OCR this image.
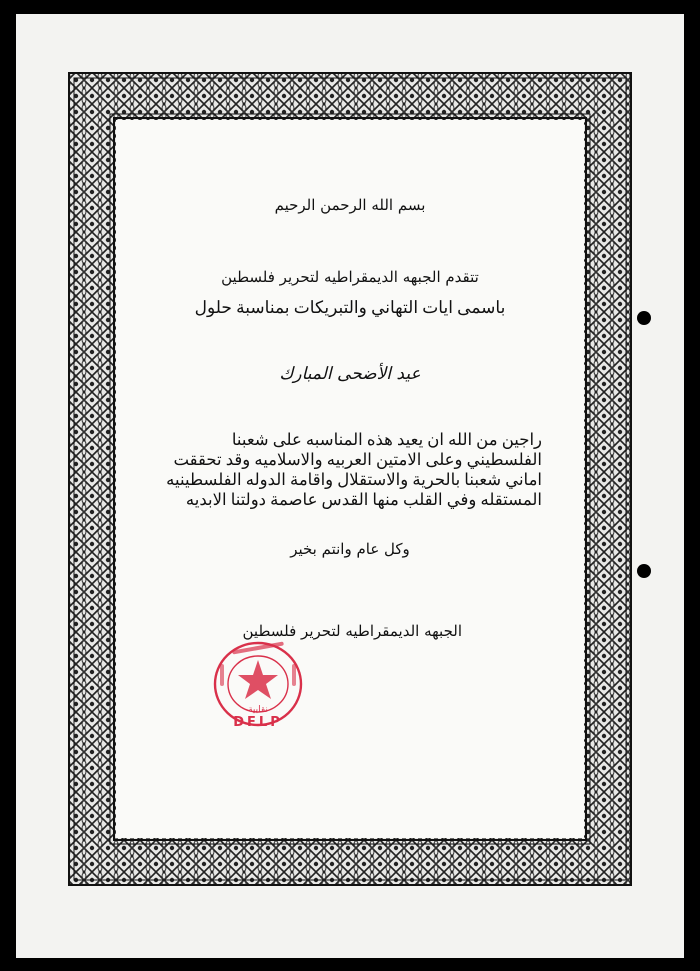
بسم الله الرحمن الرحيم
تتقدم الجبهه الديمقراطيه لتحرير فلسطين
باسمى ايات التهاني والتبريكات بمناسبة حلول
عيد الأضحى المبارك
راجين من الله ان يعيد هذه المناسبه على شعبنا
الفلسطيني وعلى الامتين العربيه والاسلاميه وقد تحققت
اماني شعبنا بالحرية والاستقلال واقامة الدوله الفلسطينيه
المستقله وفي القلب منها القدس عاصمة دولتنا الابديه
وكل عام وانتم بخير
الجبهه الديمقراطيه لتحرير فلسطين
نقابية
DFLP
